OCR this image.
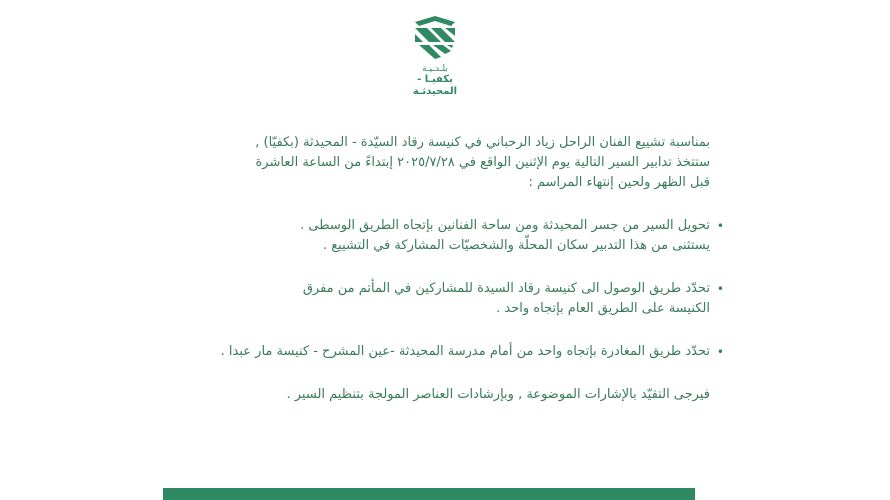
بلـدـيـة
بكفيـا - المحيدثـة

بمناسبة تشييع الفنان الراحل زياد الرحباني في كنيسة رقاد السيّدة - المحيدثة (بكفيّا) ,
ستتخذ تدابير السير التالية يوم الإثنين الواقع في ٢٠٢٥/٧/٢٨ إبتداءً من الساعة العاشرة
قبل الظهر ولحين إنتهاء المراسم :

•
تحويل السير من جسر المحيدثة ومن ساحة الفنانين بإتجاه الطريق الوسطى .
يستثنى من هذا التدبير سكان المحلّة والشخصيّات المشاركة في التشييع .
•
تحدّد طريق الوصول الى كنيسة رقاد السيدة للمشاركين في المأتم من مفرق
الكنيسة على الطريق العام بإتجاه واحد .
•
تحدّد طريق المغادرة بإتجاه واحد من أمام مدرسة المحيدثة -عين المشرح - كنيسة مار عبدا .

فيرجى التقيّد بالإشارات الموضوعة , وبإرشادات العناصر المولجة بتنظيم السير .
